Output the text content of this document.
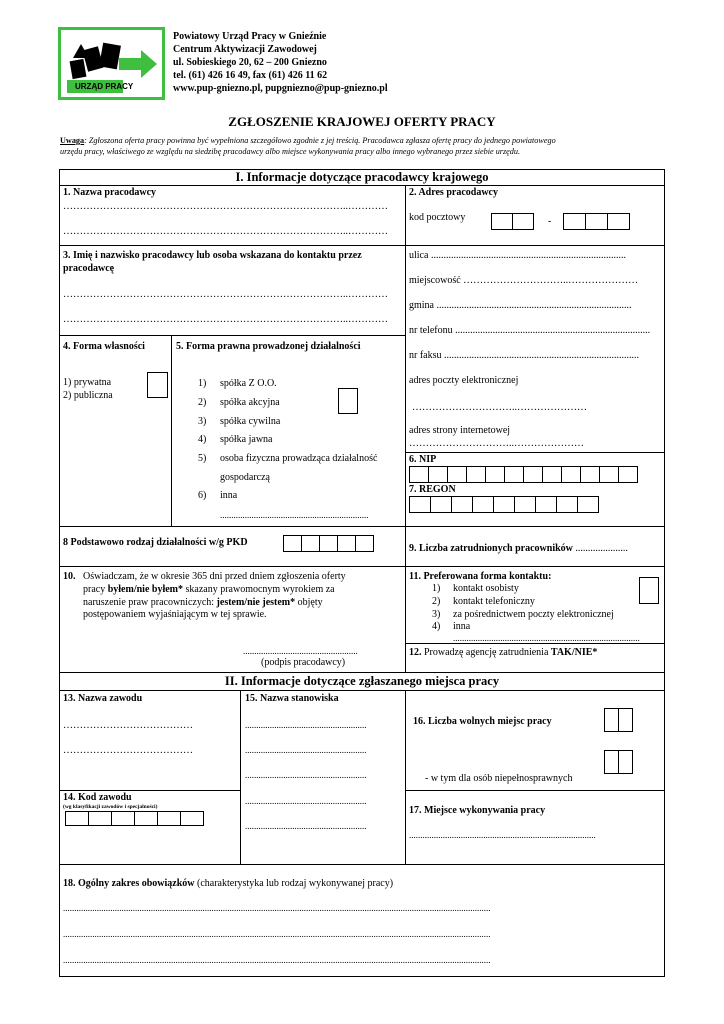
URZĄD PRACY
Powiatowy Urząd Pracy w Gnieźnie
Centrum Aktywizacji Zawodowej
ul. Sobieskiego 20, 62 – 200 Gniezno
tel. (61) 426 16 49, fax (61) 426 11 62
www.pup-gniezno.pl, pupgniezno@pup-gniezno.pl
ZGŁOSZENIE KRAJOWEJ OFERTY PRACY
Uwaga: Zgłoszona oferta pracy powinna być wypełniona szczegółowo zgodnie z jej treścią. Pracodawca zgłasza ofertę pracy do jednego powiatowego
urzędu pracy, właściwego ze względu na siedzibę pracodawcy albo miejsce wykonywania pracy albo innego wybranego przez siebie urzędu.
I. Informacje dotyczące pracodawcy krajowego
1. Nazwa pracodawcy
…………………………………………………………………………..…………
…………………………………………………………………………..…………
2. Adres pracodawcy
kod pocztowy	-
3. Imię i nazwisko pracodawcy lub osoba wskazana do kontaktu przez
pracodawcę
…………………………………………………………………………..…………
…………………………………………………………………………..…………
ulica ..............................................................................
miejscowość …………………………..…………………
gmina ..............................................................................
nr telefonu ..............................................................................
nr faksu ..............................................................................
adres poczty elektronicznej
…………………………..…………………
adres strony internetowej
…………………………..…………………
6. NIP
7. REGON
4. Forma własności
1) prywatna
2) publiczna
5. Forma prawna prowadzonej działalności
1) spółka Z O.O.
2) spółka akcyjna
3) spółka cywilna
4) spółka jawna
5) osoba fizyczna prowadząca działalność
gospodarczą
6) inna
..................................................................
8 Podstawowo rodzaj działalności w/g PKD
9. Liczba zatrudnionych pracowników .....................
10. Oświadczam, że w okresie 365 dni przed dniem zgłoszenia oferty
pracy byłem/nie byłem* skazany prawomocnym wyrokiem za
naruszenie praw pracowniczych: jestem/nie jestem* objęty
postępowaniem wyjaśniającym w tej sprawie.
...................................................
(podpis pracodawcy)
11. Preferowana forma kontaktu:
1) kontakt osobisty
2) kontakt telefoniczny
3) za pośrednictwem poczty elektronicznej
4) inna
...................................................................................
12. Prowadzę agencję zatrudnienia TAK/NIE*
II. Informacje dotyczące zgłaszanego miejsca pracy
13. Nazwa zawodu
…………………………………
…………………………………
14. Kod zawodu
(wg klasyfikacji zawodów i specjalności)
15. Nazwa stanowiska
......................................................
......................................................
......................................................
......................................................
......................................................
16. Liczba wolnych miejsc pracy
- w tym dla osób niepełnosprawnych
17. Miejsce wykonywania pracy
...................................................................................
18. Ogólny zakres obowiązków (charakterystyka lub rodzaj wykonywanej pracy)
..............................................................................................................................................................................................
..............................................................................................................................................................................................
..............................................................................................................................................................................................
